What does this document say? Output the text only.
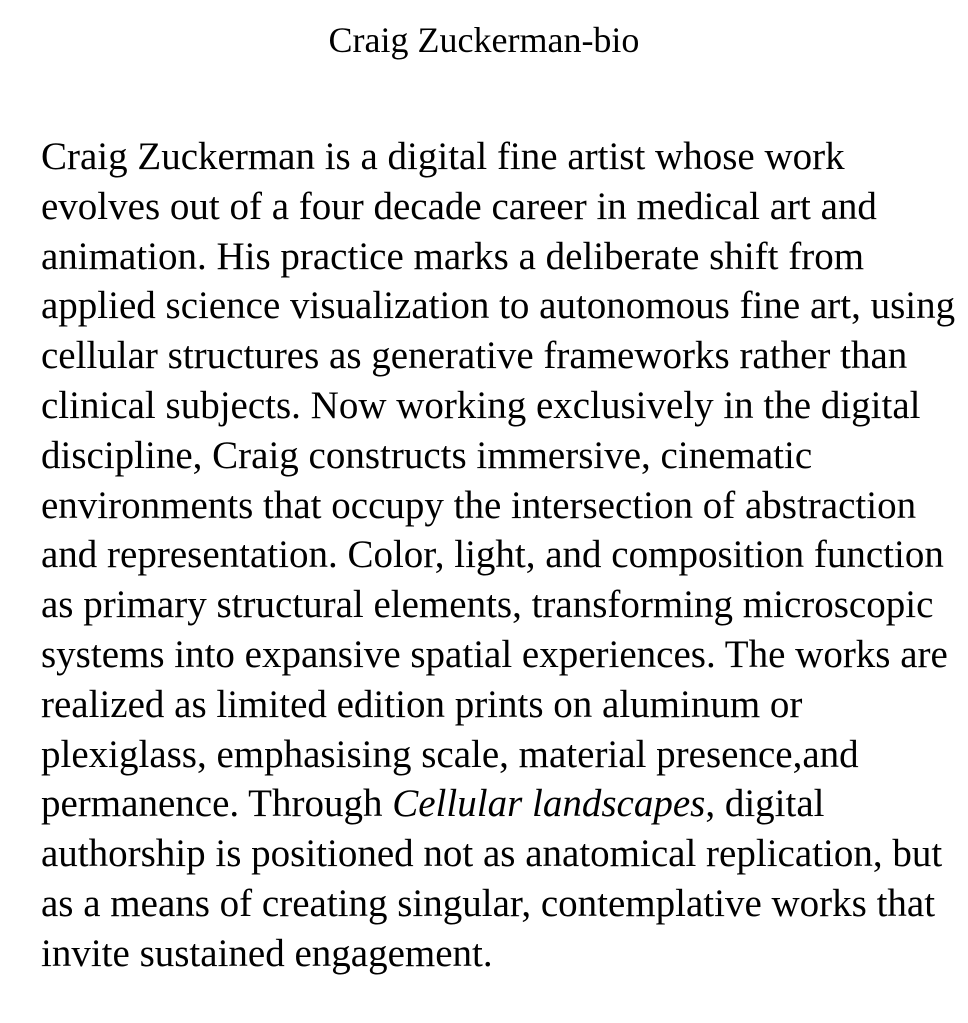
Craig Zuckerman-bio

Craig Zuckerman is a digital fine artist whose work evolves out of a four decade career in medical art and animation. His practice marks a deliberate shift from applied science visualization to autonomous fine art, using cellular structures as generative frameworks rather than clinical subjects. Now working exclusively in the digital discipline, Craig constructs immersive, cinematic environments that occupy the intersection of abstraction and representation. Color, light, and composition function as primary structural elements, transforming microscopic systems into expansive spatial experiences. The works are realized as limited edition prints on aluminum or plexiglass, emphasising scale, material presence,and permanence. Through Cellular landscapes, digital authorship is positioned not as anatomical replication, but as a means of creating singular, contemplative works that invite sustained engagement.
